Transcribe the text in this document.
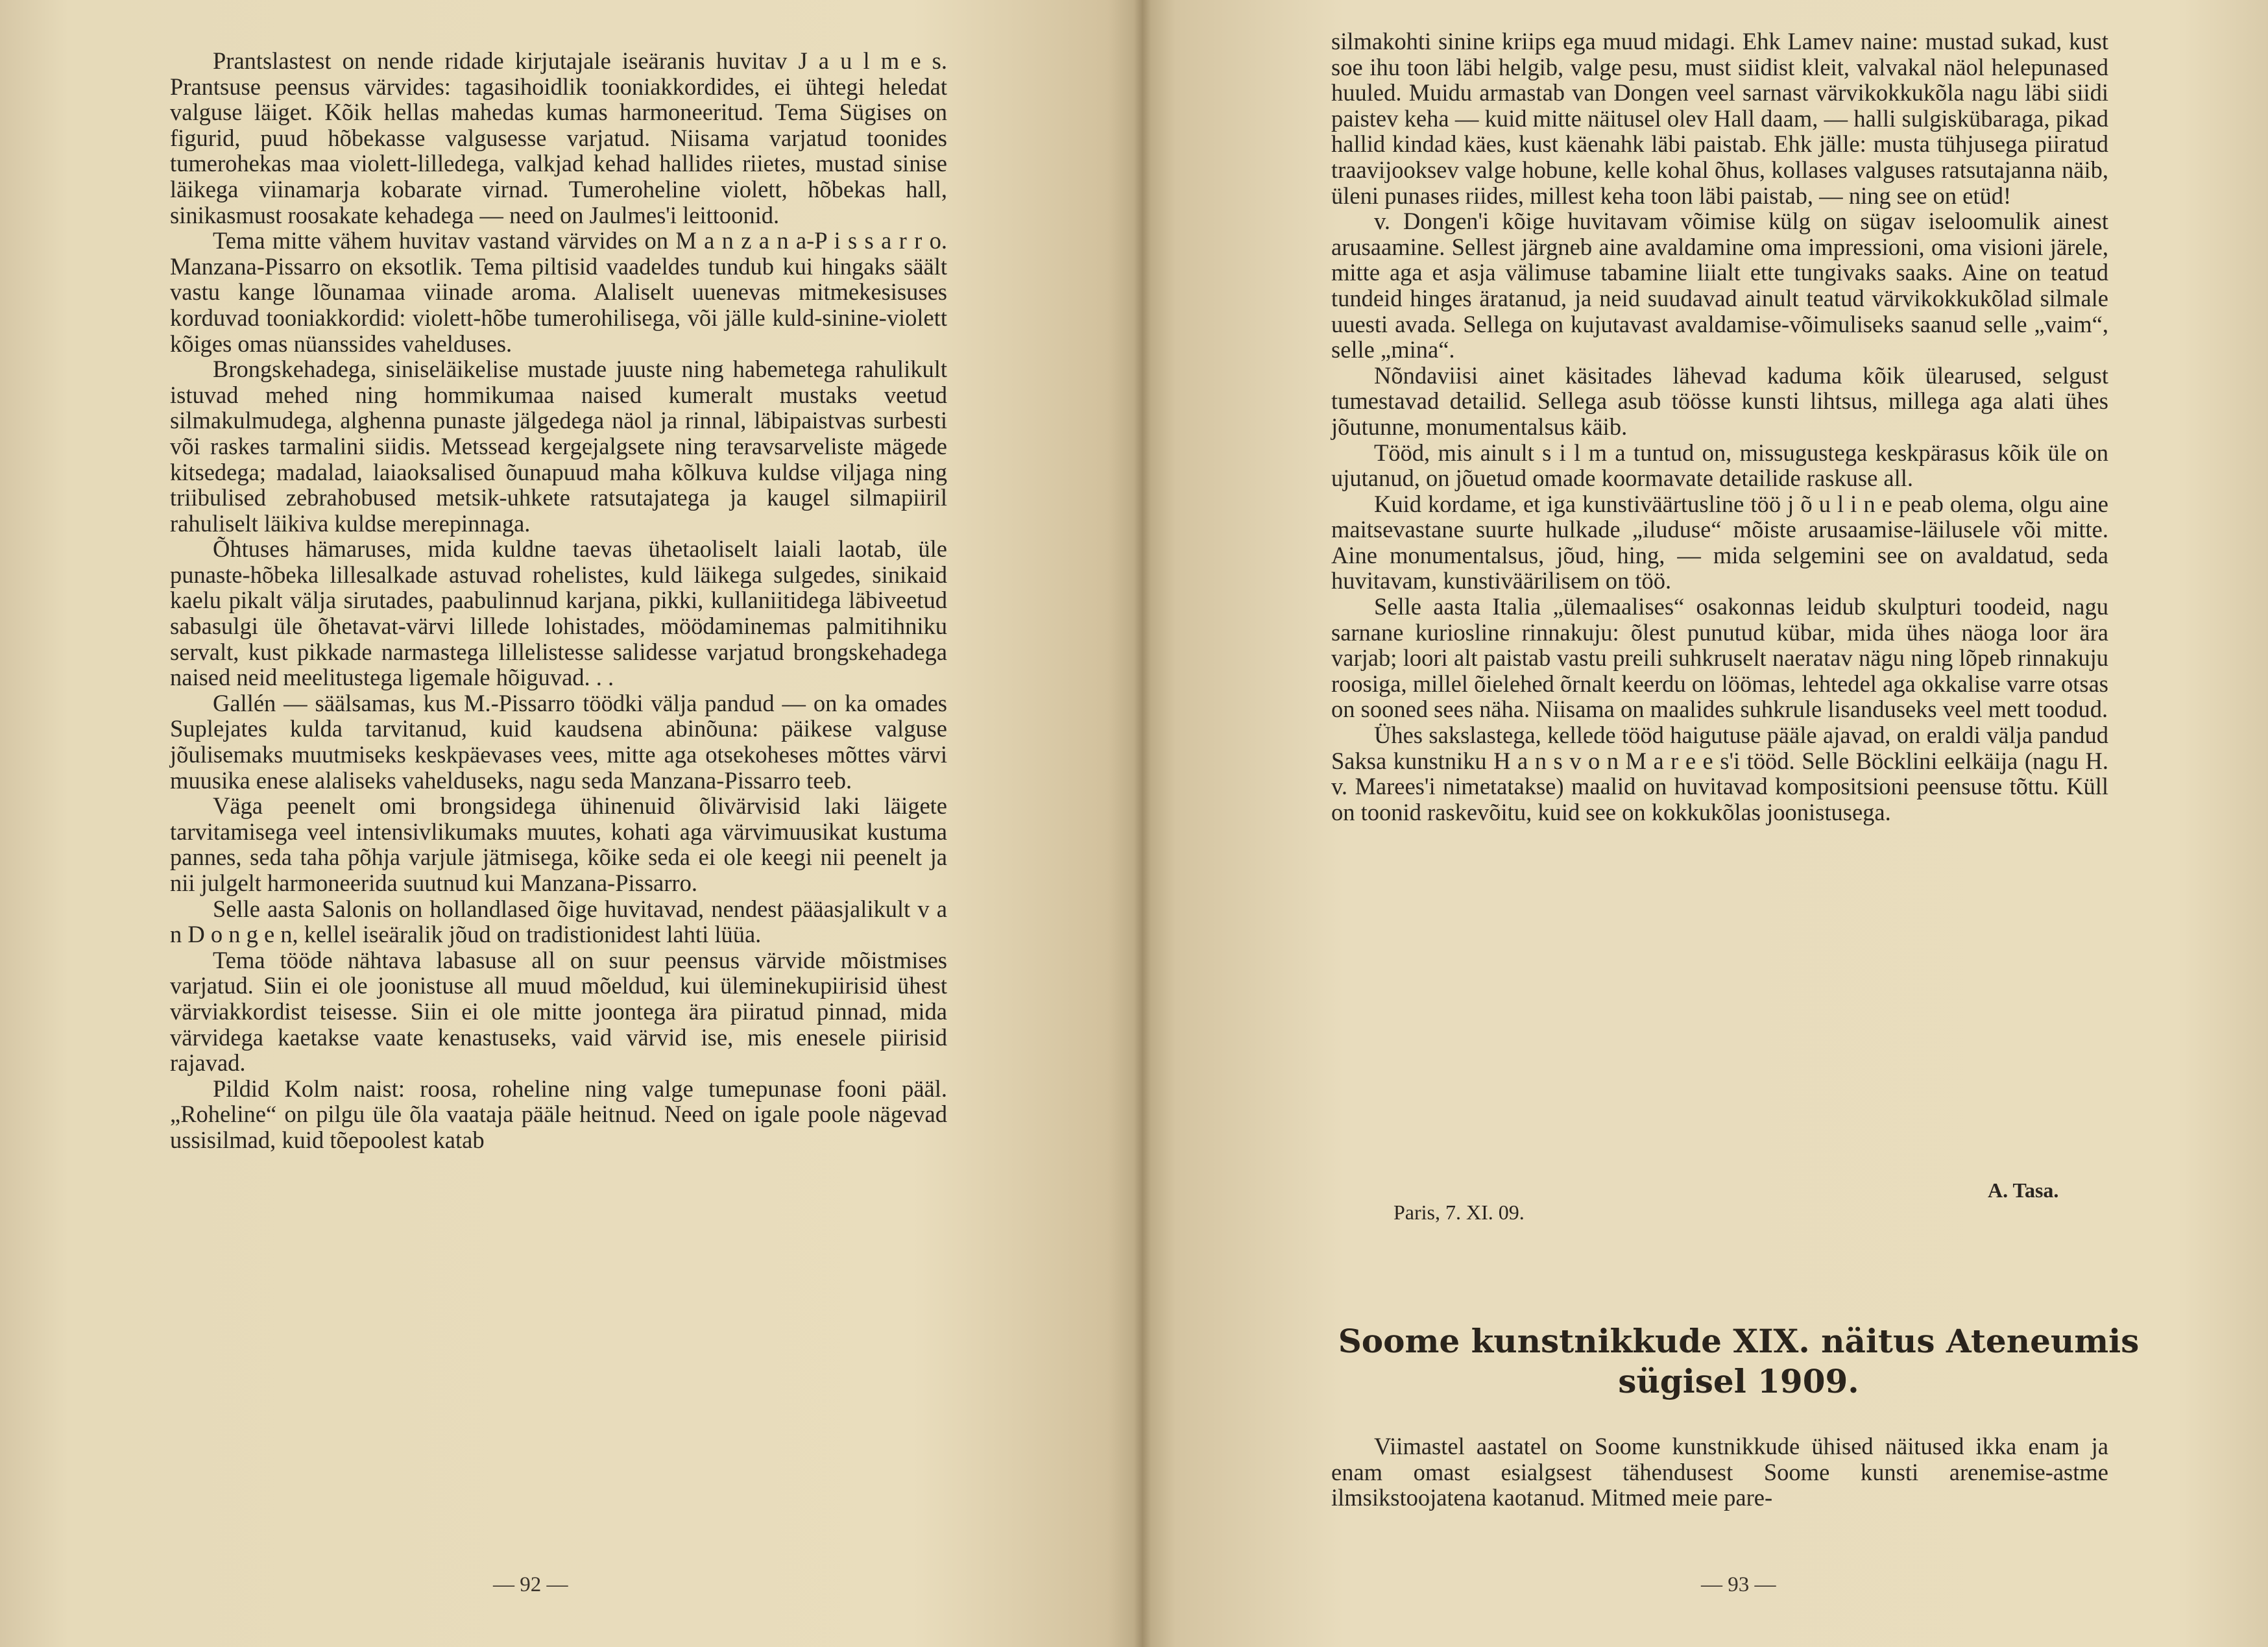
Prantslastest on nende ridade kirjutajale iseäranis huvitav J a u l m e s. Prantsuse peensus värvides: tagasihoidlik tooniakkordides, ei ühtegi heledat valguse läiget. Kõik hellas mahedas kumas harmoneeritud. Tema Sügises on figurid, puud hõbekasse valgusesse varjatud. Niisama varjatud toonides tumerohekas maa violett-lilledega, valkjad kehad hallides riietes, mustad sinise läikega viinamarja kobarate virnad. Tumeroheline violett, hõbekas hall, sinikasmust roosakate kehadega — need on Jaulmes'i leittoonid.

Tema mitte vähem huvitav vastand värvides on M a n z a n a-P i s s a r r o. Manzana-Pissarro on eksotlik. Tema piltisid vaadeldes tundub kui hingaks säält vastu kange lõunamaa viinade aroma. Alaliselt uuenevas mitmekesisuses korduvad tooniakkordid: violett-hõbe tumerohilisega, või jälle kuld-sinine-violett kõiges omas nüanssides vahelduses.

Brongskehadega, siniseläikelise mustade juuste ning habemetega rahulikult istuvad mehed ning hommikumaa naised kumeralt mustaks veetud silmakulmudega, alghenna punaste jälgedega näol ja rinnal, läbipaistvas surbesti või raskes tarmalini siidis. Metssead kergejalgsete ning teravsarveliste mägede kitsedega; madalad, laiaoksalised õunapuud maha kõlkuva kuldse viljaga ning triibulised zebrahobused metsik-uhkete ratsutajatega ja kaugel silmapiiril rahuliselt läikiva kuldse merepinnaga.

Õhtuses hämaruses, mida kuldne taevas ühetaoliselt laiali laotab, üle punaste-hõbeka lillesalkade astuvad rohelistes, kuld läikega sulgedes, sinikaid kaelu pikalt välja sirutades, paabulinnud karjana, pikki, kullaniitidega läbiveetud sabasulgi üle õhetavat-värvi lillede lohistades, möödaminemas palmitihniku servalt, kust pikkade narmastega lillelistesse salidesse varjatud brongskehadega naised neid meelitustega ligemale hõiguvad. . .

Gallén — säälsamas, kus M.-Pissarro töödki välja pandud — on ka omades Suplejates kulda tarvitanud, kuid kaudsena abinõuna: päikese valguse jõulisemaks muutmiseks keskpäevases vees, mitte aga otsekoheses mõttes värvi muusika enese alaliseks vahelduseks, nagu seda Manzana-Pissarro teeb.

Väga peenelt omi brongsidega ühinenuid õlivärvisid laki läigete tarvitamisega veel intensivlikumaks muutes, kohati aga värvimuusikat kustuma pannes, seda taha põhja varjule jätmisega, kõike seda ei ole keegi nii peenelt ja nii julgelt harmoneerida suutnud kui Manzana-Pissarro.

Selle aasta Salonis on hollandlased õige huvitavad, nendest pääasjalikult v a n D o n g e n, kellel iseäralik jõud on tradistionidest lahti lüüa.

Tema tööde nähtava labasuse all on suur peensus värvide mõistmises varjatud. Siin ei ole joonistuse all muud mõeldud, kui üleminekupiirisid ühest värviakkordist teisesse. Siin ei ole mitte joontega ära piiratud pinnad, mida värvidega kaetakse vaate kenastuseks, vaid värvid ise, mis enesele piirisid rajavad.

Pildid Kolm naist: roosa, roheline ning valge tumepunase fooni pääl. „Roheline“ on pilgu üle õla vaataja pääle heitnud. Need on igale poole nägevad ussisilmad, kuid tõepoolest katab

— 92 —

silmakohti sinine kriips ega muud midagi. Ehk Lamev naine: mustad sukad, kust soe ihu toon läbi helgib, valge pesu, must siidist kleit, valvakal näol helepunased huuled. Muidu armastab van Dongen veel sarnast värvikokkukõla nagu läbi siidi paistev keha — kuid mitte näitusel olev Hall daam, — halli sulgiskübaraga, pikad hallid kindad käes, kust käenahk läbi paistab. Ehk jälle: musta tühjusega piiratud traavijooksev valge hobune, kelle kohal õhus, kollases valguses ratsutajanna näib, üleni punases riides, millest keha toon läbi paistab, — ning see on etüd!

v. Dongen'i kõige huvitavam võimise külg on sügav iseloomulik ainest arusaamine. Sellest järgneb aine avaldamine oma impressioni, oma visioni järele, mitte aga et asja välimuse tabamine liialt ette tungivaks saaks. Aine on teatud tundeid hinges äratanud, ja neid suudavad ainult teatud värvikokkukõlad silmale uuesti avada. Sellega on kujutavast avaldamise-võimuliseks saanud selle „vaim“, selle „mina“.

Nõndaviisi ainet käsitades lähevad kaduma kõik ülearused, selgust tumestavad detailid. Sellega asub töösse kunsti lihtsus, millega aga alati ühes jõutunne, monumentalsus käib.

Tööd, mis ainult s i l m a tuntud on, missugustega keskpärasus kõik üle on ujutanud, on jõuetud omade koormavate detailide raskuse all.

Kuid kordame, et iga kunstiväärtusline töö j õ u l i n e peab olema, olgu aine maitsevastane suurte hulkade „iluduse“ mõiste arusaamise-läilusele või mitte. Aine monumentalsus, jõud, hing, — mida selgemini see on avaldatud, seda huvitavam, kunstiväärilisem on töö.

Selle aasta Italia „ülemaalises“ osakonnas leidub skulpturi toodeid, nagu sarnane kuriosline rinnakuju: õlest punutud kübar, mida ühes näoga loor ära varjab; loori alt paistab vastu preili suhkruselt naeratav nägu ning lõpeb rinnakuju roosiga, millel õielehed õrnalt keerdu on löömas, lehtedel aga okkalise varre otsas on sooned sees näha. Niisama on maalides suhkrule lisanduseks veel mett toodud.

Ühes sakslastega, kellede tööd haigutuse pääle ajavad, on eraldi välja pandud Saksa kunstniku H a n s v o n M a r e e s'i tööd. Selle Böcklini eelkäija (nagu H. v. Marees'i nimetatakse) maalid on huvitavad kompositsioni peensuse tõttu. Küll on toonid raskevõitu, kuid see on kokkukõlas joonistusega.

A. Tasa.
Paris, 7. XI. 09.
Soome kunstnikkude XIX. näitus Ateneumis sügisel 1909.

Viimastel aastatel on Soome kunstnikkude ühised näitused ikka enam ja enam omast esialgsest tähendusest Soome kunsti arenemise-astme ilmsikstoojatena kaotanud. Mitmed meie pare-

— 93 —
